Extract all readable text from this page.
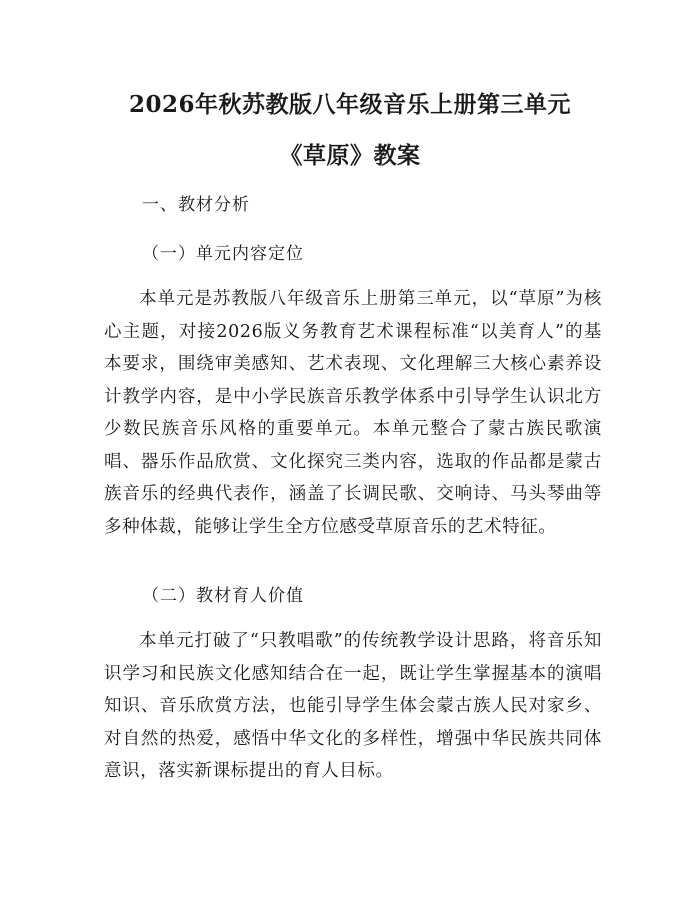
2026年秋苏教版八年级音乐上册第三单元
《草原》教案
一、教材分析
（一）单元内容定位
本单元是苏教版八年级音乐上册第三单元，以“草原”为核心主题，对接2026版义务教育艺术课程标准“以美育人”的基本要求，围绕审美感知、艺术表现、文化理解三大核心素养设计教学内容，是中小学民族音乐教学体系中引导学生认识北方少数民族音乐风格的重要单元。本单元整合了蒙古族民歌演唱、器乐作品欣赏、文化探究三类内容，选取的作品都是蒙古族音乐的经典代表作，涵盖了长调民歌、交响诗、马头琴曲等多种体裁，能够让学生全方位感受草原音乐的艺术特征。
（二）教材育人价值
本单元打破了“只教唱歌”的传统教学设计思路，将音乐知识学习和民族文化感知结合在一起，既让学生掌握基本的演唱知识、音乐欣赏方法，也能引导学生体会蒙古族人民对家乡、对自然的热爱，感悟中华文化的多样性，增强中华民族共同体意识，落实新课标提出的育人目标。
